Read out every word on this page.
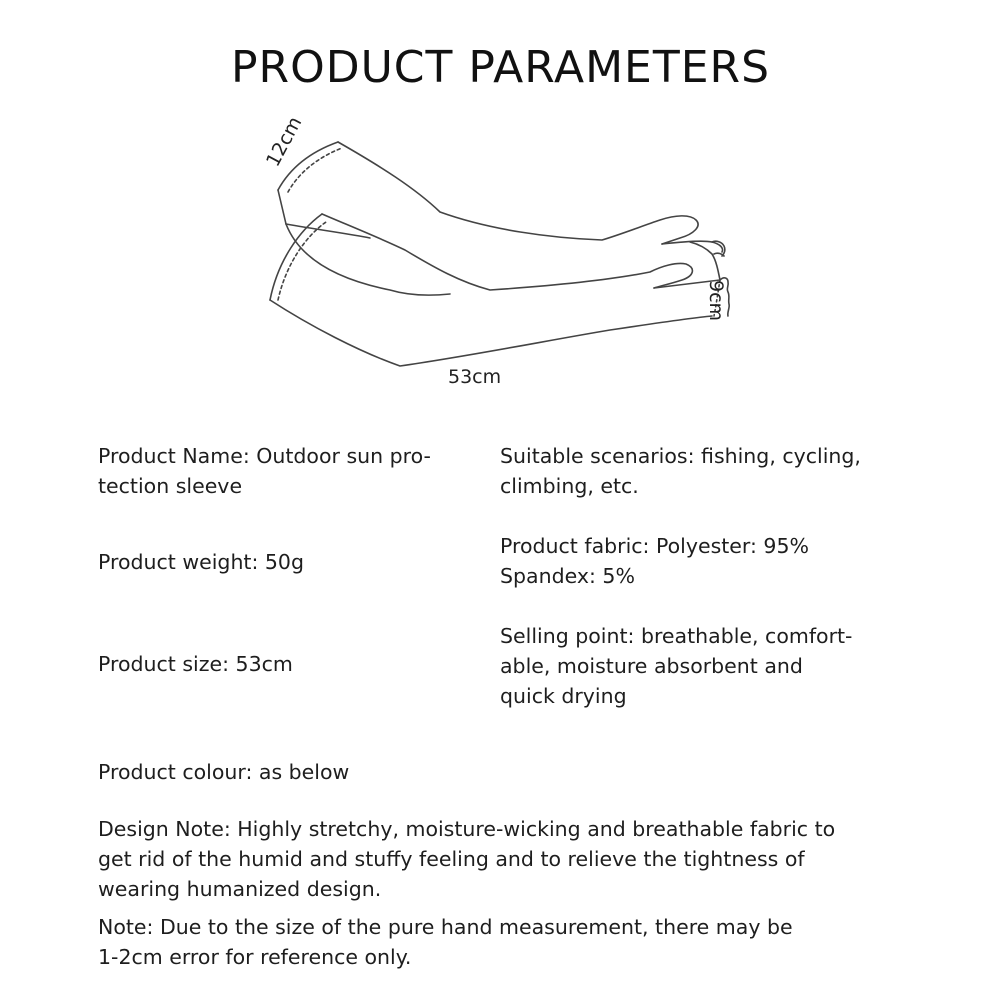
PRODUCT PARAMETERS
12cm
9cm
53cm
Product Name: Outdoor sun pro-
tection sleeve
Product weight: 50g
Product size: 53cm
Suitable scenarios: fishing, cycling,
climbing, etc.
Product fabric: Polyester: 95%
Spandex: 5%
Selling point: breathable, comfort-
able, moisture absorbent and
quick drying
Product colour: as below
Design Note: Highly stretchy, moisture-wicking and breathable fabric to
get rid of the humid and stuffy feeling and to relieve the tightness of
wearing humanized design.
Note: Due to the size of the pure hand measurement, there may be
1-2cm error for reference only.
